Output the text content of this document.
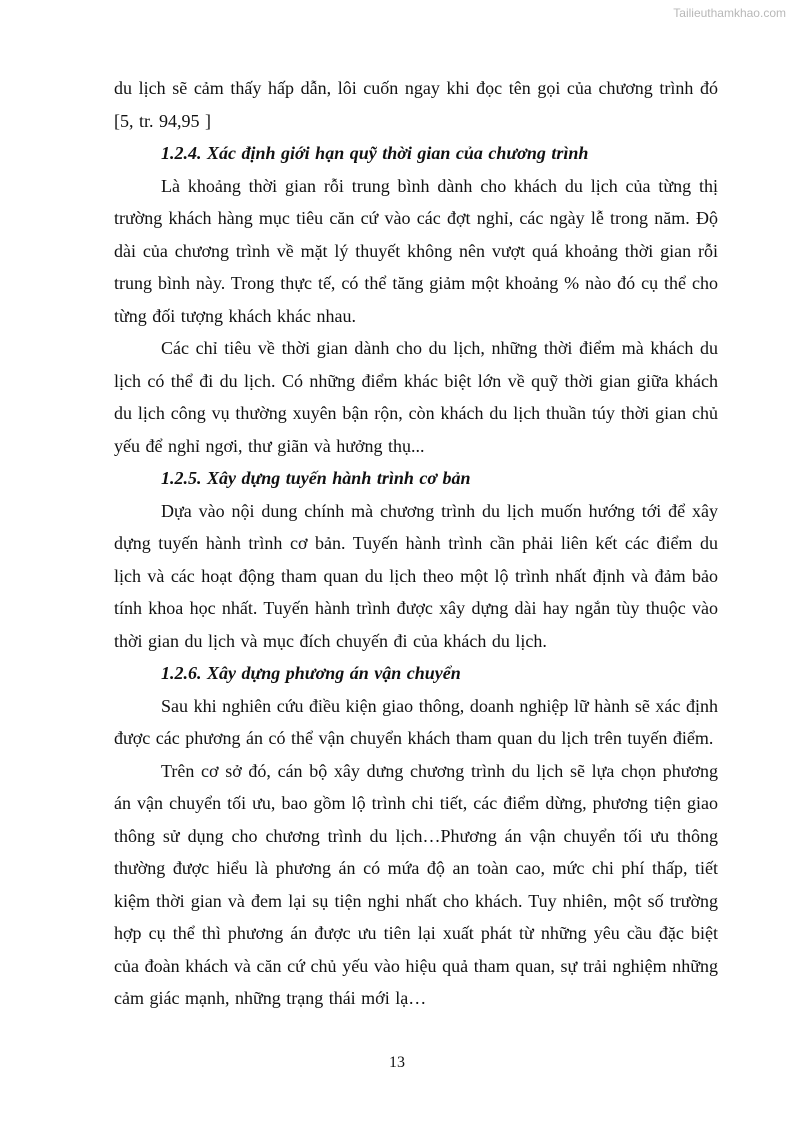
Tailieuthamkhao.com

du lịch sẽ cảm thấy hấp dẫn, lôi cuốn ngay khi đọc tên gọi của chương trình đó [5, tr. 94,95 ]

1.2.4. Xác định giới hạn quỹ thời gian của chương trình

Là khoảng thời gian rỗi trung bình dành cho khách du lịch của từng thị trường khách hàng mục tiêu căn cứ vào các đợt nghỉ, các ngày lễ trong năm. Độ dài của chương trình về mặt lý thuyết không nên vượt quá khoảng thời gian rỗi trung bình này. Trong thực tế, có thể tăng giảm một khoảng % nào đó cụ thể cho từng đối tượng khách khác nhau.

Các chỉ tiêu về thời gian dành cho du lịch, những thời điểm mà khách du lịch có thể đi du lịch. Có những điểm khác biệt lớn về quỹ thời gian giữa khách du lịch công vụ thường xuyên bận rộn, còn khách du lịch thuần túy thời gian chủ yếu để nghỉ ngơi, thư giãn và hưởng thụ...

1.2.5. Xây dựng tuyến hành trình cơ bản

Dựa vào nội dung chính mà chương trình du lịch muốn hướng tới để xây dựng tuyến hành trình cơ bản. Tuyến hành trình cần phải liên kết các điểm du lịch và các hoạt động tham quan du lịch theo một lộ trình nhất định và đảm bảo tính khoa học nhất. Tuyến hành trình được xây dựng dài hay ngắn tùy thuộc vào thời gian du lịch và mục đích chuyến đi của khách du lịch.

1.2.6. Xây dựng phương án vận chuyển

Sau khi nghiên cứu điều kiện giao thông, doanh nghiệp lữ hành sẽ xác định được các phương án có thể vận chuyển khách tham quan du lịch trên tuyến điểm.

Trên cơ sở đó, cán bộ xây dưng chương trình du lịch sẽ lựa chọn phương án vận chuyển tối ưu, bao gồm lộ trình chi tiết, các điểm dừng, phương tiện giao thông sử dụng cho chương trình du lịch…Phương án vận chuyển tối ưu thông thường được hiểu là phương án có mứa độ an toàn cao, mức chi phí thấp, tiết kiệm thời gian và đem lại sụ tiện nghi nhất cho khách. Tuy nhiên, một số trường hợp cụ thể thì phương án được ưu tiên lại xuất phát từ những yêu cầu đặc biệt của đoàn khách và căn cứ chủ yếu vào hiệu quả tham quan, sự trải nghiệm những cảm giác mạnh, những trạng thái mới lạ…

13
